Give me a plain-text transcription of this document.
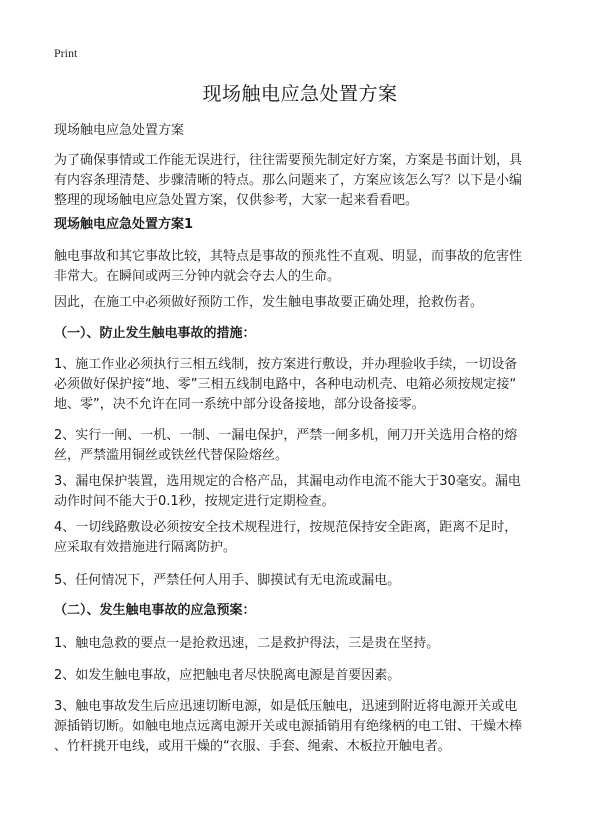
Print
现场触电应急处置方案

现场触电应急处置方案

为了确保事情或工作能无误进行，往往需要预先制定好方案，方案是书面计划，具
有内容条理清楚、步骤清晰的特点。那么问题来了，方案应该怎么写？以下是小编
整理的现场触电应急处置方案，仅供参考，大家一起来看看吧。

现场触电应急处置方案1

触电事故和其它事故比较，其特点是事故的预兆性不直观、明显，而事故的危害性
非常大。在瞬间或两三分钟内就会夺去人的生命。

因此，在施工中必须做好预防工作，发生触电事故要正确处理，抢救伤者。

（一）、防止发生触电事故的措施：

1、施工作业必须执行三相五线制，按方案进行敷设，并办理验收手续，一切设备
必须做好保护接“地、零”三相五线制电路中，各种电动机壳、电箱必须按规定接“
地、零”，决不允许在同一系统中部分设备接地，部分设备接零。

2、实行一闸、一机、一制、一漏电保护，严禁一闸多机，闸刀开关选用合格的熔
丝，严禁滥用铜丝或铁丝代替保险熔丝。

3、漏电保护装置，选用规定的合格产品，其漏电动作电流不能大于30毫安。漏电
动作时间不能大于0.1秒，按规定进行定期检查。

4、一切线路敷设必须按安全技术规程进行，按规范保持安全距离，距离不足时，
应采取有效措施进行隔离防护。

5、任何情况下，严禁任何人用手、脚摸试有无电流或漏电。

（二）、发生触电事故的应急预案：

1、触电急救的要点一是抢救迅速，二是救护得法，三是贵在坚持。

2、如发生触电事故，应把触电者尽快脱离电源是首要因素。

3、触电事故发生后应迅速切断电源，如是低压触电，迅速到附近将电源开关或电
源插销切断。如触电地点远离电源开关或电源插销用有绝缘柄的电工钳、干燥木棒
、竹杆挑开电线，或用干燥的“衣服、手套、绳索、木板拉开触电者。
